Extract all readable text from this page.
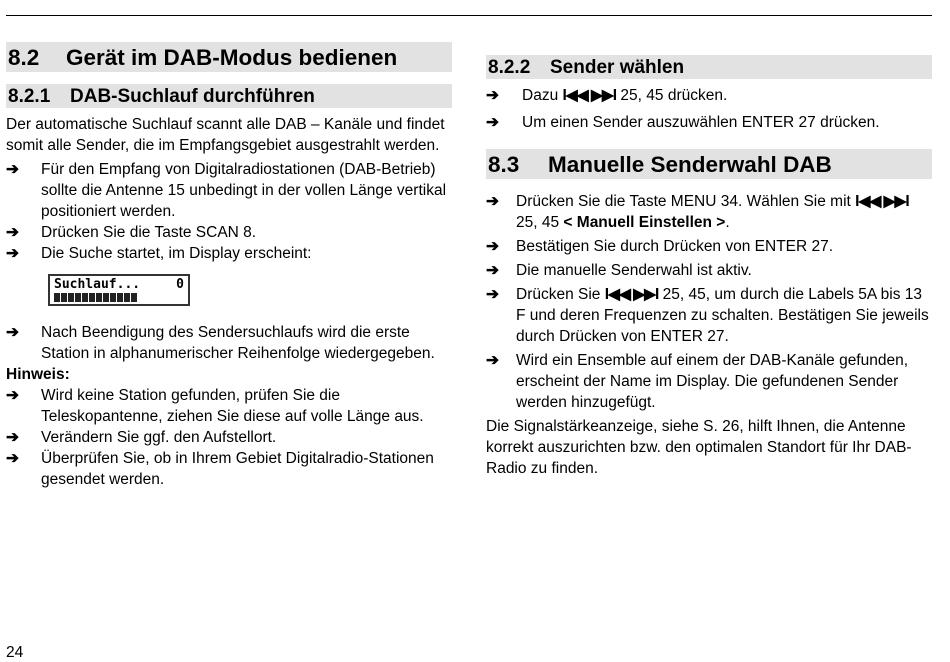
8.2 Gerät im DAB-Modus bedienen
8.2.1 DAB-Suchlauf durchführen

Der automatische Suchlauf scannt alle DAB – Kanäle und findet somit alle Sender, die im Empfangsgebiet ausgestrahlt werden.

➔ Für den Empfang von Digitalradiostationen (DAB-Betrieb) sollte die Antenne 15 unbedingt in der vollen Länge vertikal positioniert werden.
➔ Drücken Sie die Taste SCAN 8.
➔ Die Suche startet, im Display erscheint:
Suchlauf...	0
➔ Nach Beendigung des Sendersuchlaufs wird die erste Station in alphanumerischer Reihenfolge wiedergegeben.
Hinweis:
➔ Wird keine Station gefunden, prüfen Sie die Teleskopantenne, ziehen Sie diese auf volle Länge aus.
➔ Verändern Sie ggf. den Aufstellort.
➔ Überprüfen Sie, ob in Ihrem Gebiet Digitalradio-Stationen gesendet werden.
8.2.2 Sender wählen
➔ Dazu I◀◀ ▶▶I 25, 45 drücken.
➔ Um einen Sender auszuwählen ENTER 27 drücken.
8.3 Manuelle Senderwahl DAB
➔ Drücken Sie die Taste MENU 34. Wählen Sie mit I◀◀ ▶▶I 25, 45 < Manuell Einstellen >.
➔ Bestätigen Sie durch Drücken von ENTER 27.
➔ Die manuelle Senderwahl ist aktiv.
➔ Drücken Sie I◀◀ ▶▶I 25, 45, um durch die Labels 5A bis 13 F und deren Frequenzen zu schalten. Bestätigen Sie jeweils durch Drücken von ENTER 27.
➔ Wird ein Ensemble auf einem der DAB-Kanäle gefunden, erscheint der Name im Display. Die gefundenen Sender werden hinzugefügt.

Die Signalstärkeanzeige, siehe S. 26, hilft Ihnen, die Antenne korrekt auszurichten bzw. den optimalen Standort für Ihr DAB-Radio zu finden.

24
